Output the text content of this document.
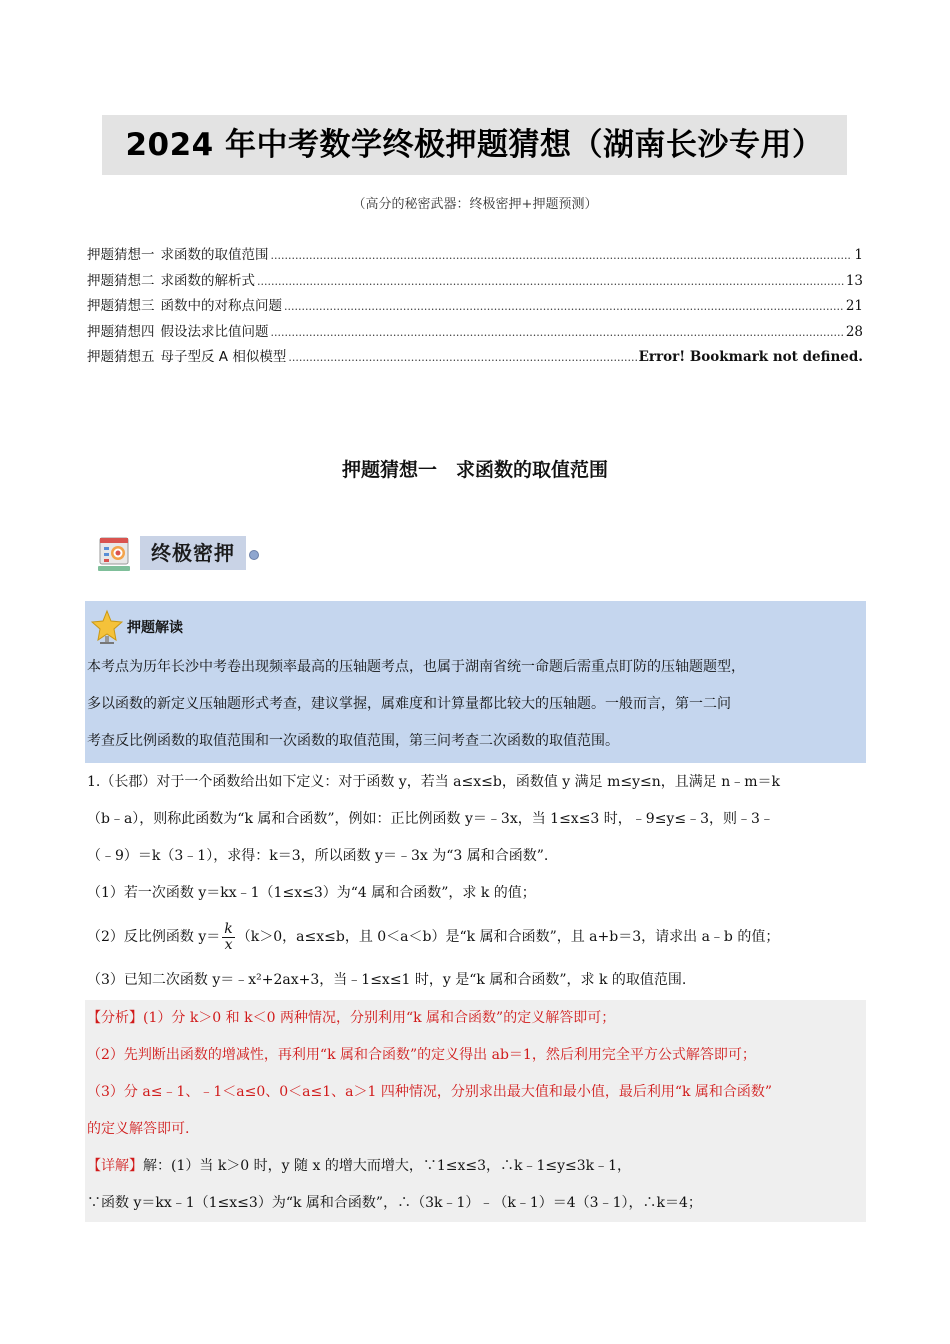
2024 年中考数学终极押题猜想（湖南长沙专用）
（高分的秘密武器：终极密押+押题预测）
押题猜想一 求函数的取值范围 .....	1
押题猜想二 求函数的解析式 .....	13
押题猜想三 函数中的对称点问题 .....	21
押题猜想四 假设法求比值问题 .....	28
押题猜想五 母子型反 A 相似模型 .....	Error! Bookmark not defined.
押题猜想一　求函数的取值范围
终极密押
押题解读
本考点为历年长沙中考卷出现频率最高的压轴题考点，也属于湖南省统一命题后需重点盯防的压轴题题型，
多以函数的新定义压轴题形式考查，建议掌握，属难度和计算量都比较大的压轴题。一般而言，第一二问
考查反比例函数的取值范围和一次函数的取值范围，第三问考查二次函数的取值范围。

1.（长郡）对于一个函数给出如下定义：对于函数 y，若当 a≤x≤b，函数值 y 满足 m≤y≤n，且满足 n﹣m＝k

（b﹣a），则称此函数为“k 属和合函数”，例如：正比例函数 y＝﹣3x，当 1≤x≤3 时，﹣9≤y≤﹣3，则﹣3﹣

（﹣9）＝k（3﹣1），求得：k＝3，所以函数 y＝﹣3x 为“3 属和合函数”.

（1）若一次函数 y＝kx﹣1（1≤x≤3）为“4 属和合函数”，求 k 的值；

（2）反比例函数 $y= \frac{k}{x} (k>0$，a≤x≤b，且 0＜a＜b）是“k 属和合函数”，且 a+b＝3，请求出 a﹣b 的值；

（3）已知二次函数 y＝﹣x²+2ax+3，当﹣1≤x≤1 时，y 是“k 属和合函数”，求 k 的取值范围.

【分析】(1）分 k＞0 和 k＜0 两种情况，分别利用“k 属和合函数”的定义解答即可；

（2）先判断出函数的增减性，再利用“k 属和合函数”的定义得出 ab＝1，然后利用完全平方公式解答即可；

（3）分 a≤﹣1、﹣1＜a≤0、0＜a≤1、a＞1 四种情况，分别求出最大值和最小值，最后利用“k 属和合函数”

的定义解答即可.

【详解】解：(1）当 k＞0 时，y 随 x 的增大而增大，∵1≤x≤3，∴k﹣1≤y≤3k﹣1，

∵函数 y＝kx﹣1（1≤x≤3）为“k 属和合函数”，∴（3k﹣1）﹣（k﹣1）＝4（3﹣1），∴k＝4；
